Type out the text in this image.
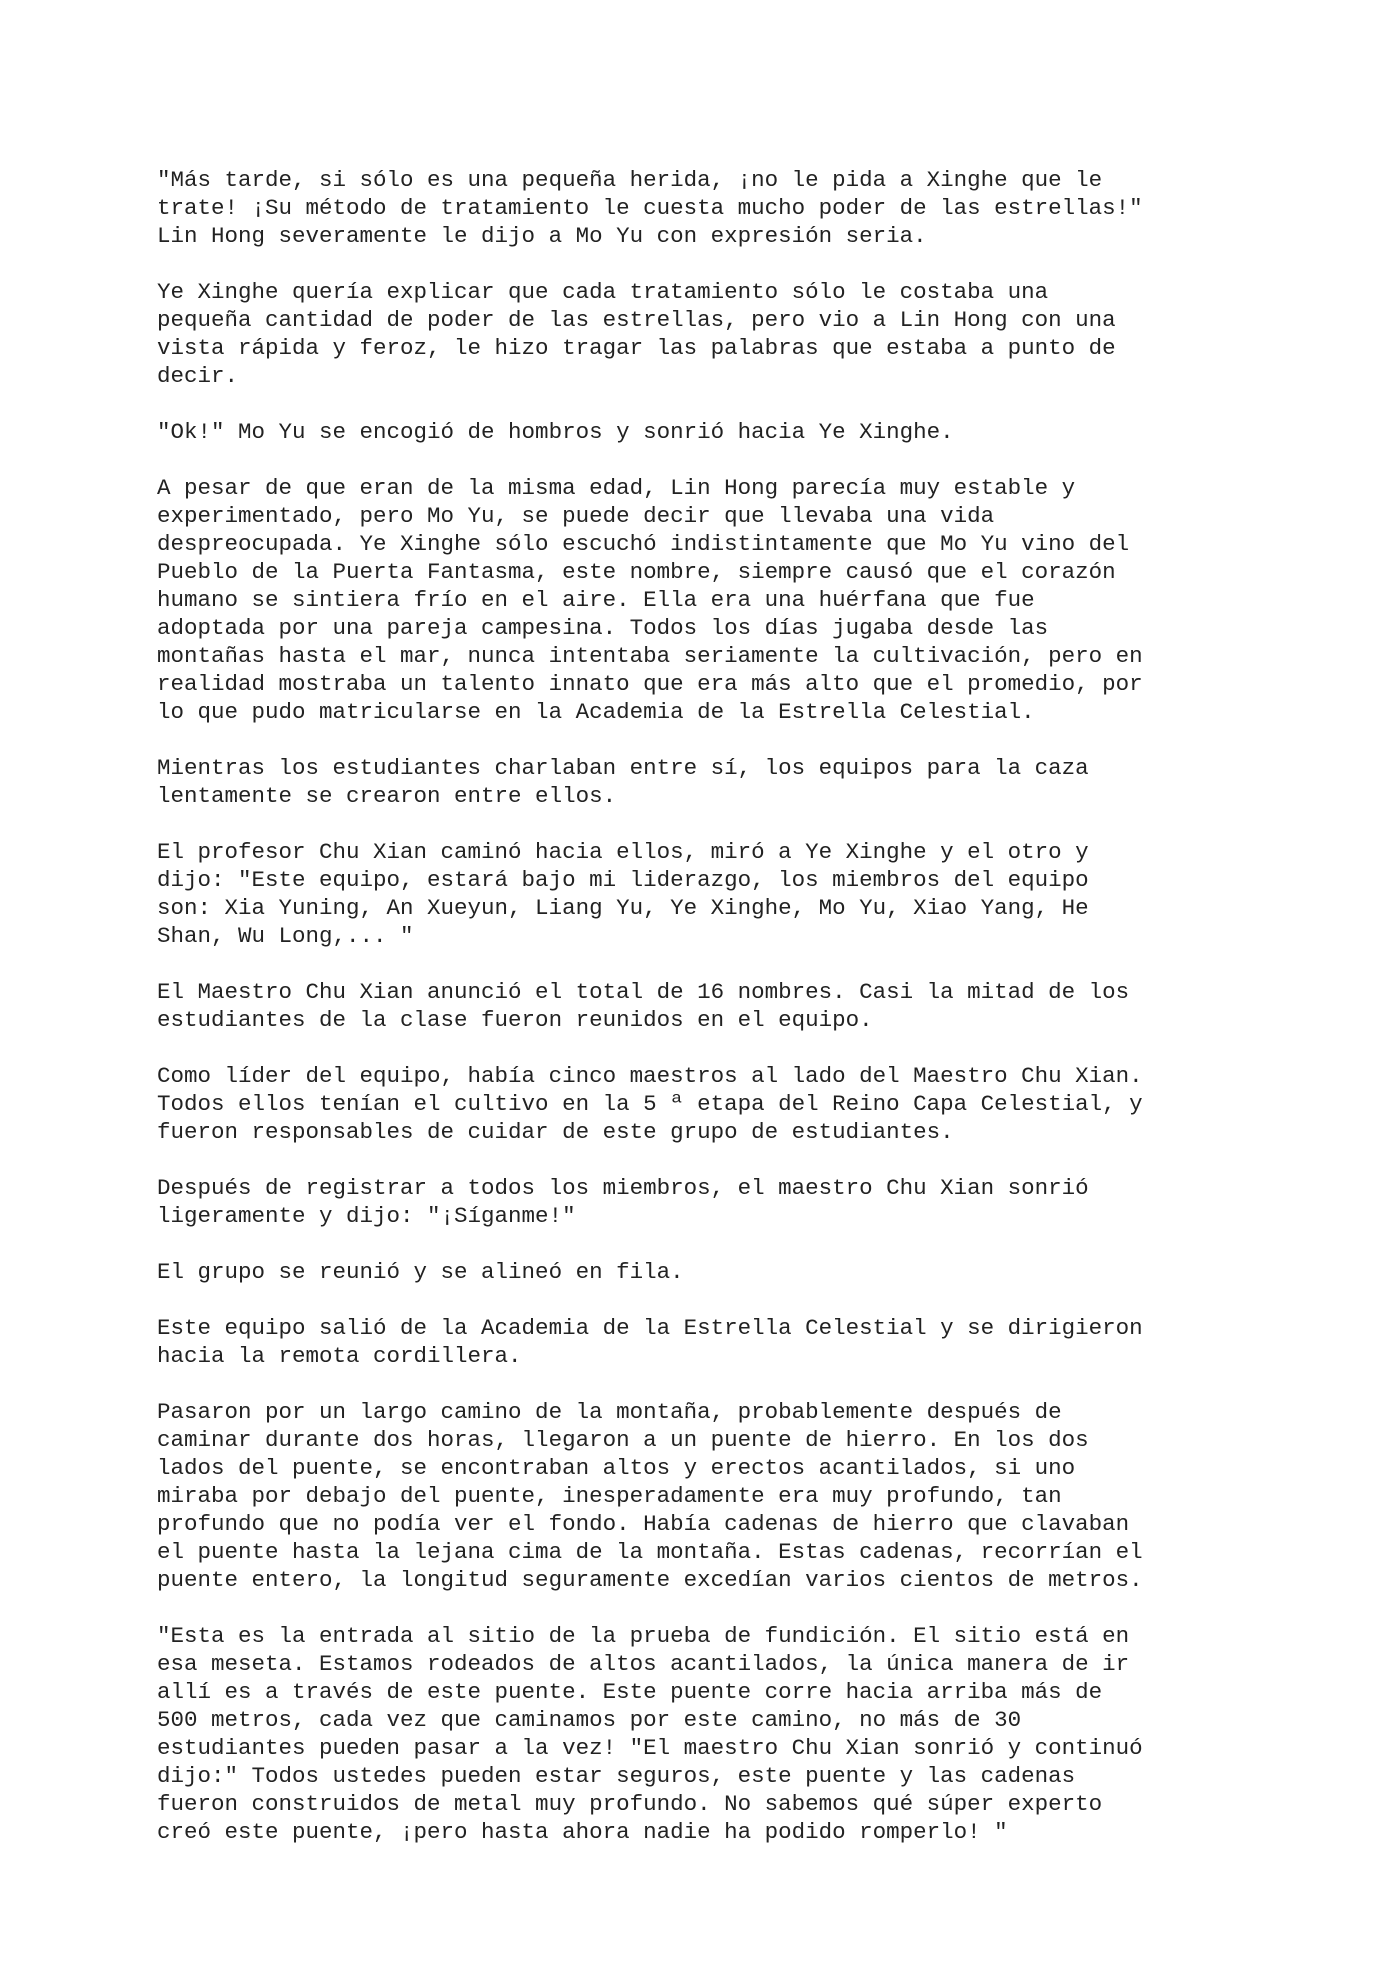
"Más tarde, si sólo es una pequeña herida, ¡no le pida a Xinghe que le
trate! ¡Su método de tratamiento le cuesta mucho poder de las estrellas!"
Lin Hong severamente le dijo a Mo Yu con expresión seria.

Ye Xinghe quería explicar que cada tratamiento sólo le costaba una
pequeña cantidad de poder de las estrellas, pero vio a Lin Hong con una
vista rápida y feroz, le hizo tragar las palabras que estaba a punto de
decir.

"Ok!" Mo Yu se encogió de hombros y sonrió hacia Ye Xinghe.

A pesar de que eran de la misma edad, Lin Hong parecía muy estable y
experimentado, pero Mo Yu, se puede decir que llevaba una vida
despreocupada. Ye Xinghe sólo escuchó indistintamente que Mo Yu vino del
Pueblo de la Puerta Fantasma, este nombre, siempre causó que el corazón
humano se sintiera frío en el aire. Ella era una huérfana que fue
adoptada por una pareja campesina. Todos los días jugaba desde las
montañas hasta el mar, nunca intentaba seriamente la cultivación, pero en
realidad mostraba un talento innato que era más alto que el promedio, por
lo que pudo matricularse en la Academia de la Estrella Celestial.

Mientras los estudiantes charlaban entre sí, los equipos para la caza
lentamente se crearon entre ellos.

El profesor Chu Xian caminó hacia ellos, miró a Ye Xinghe y el otro y
dijo: "Este equipo, estará bajo mi liderazgo, los miembros del equipo
son: Xia Yuning, An Xueyun, Liang Yu, Ye Xinghe, Mo Yu, Xiao Yang, He
Shan, Wu Long,... "

El Maestro Chu Xian anunció el total de 16 nombres. Casi la mitad de los
estudiantes de la clase fueron reunidos en el equipo.

Como líder del equipo, había cinco maestros al lado del Maestro Chu Xian.
Todos ellos tenían el cultivo en la 5 ª etapa del Reino Capa Celestial, y
fueron responsables de cuidar de este grupo de estudiantes.

Después de registrar a todos los miembros, el maestro Chu Xian sonrió
ligeramente y dijo: "¡Síganme!"

El grupo se reunió y se alineó en fila.

Este equipo salió de la Academia de la Estrella Celestial y se dirigieron
hacia la remota cordillera.

Pasaron por un largo camino de la montaña, probablemente después de
caminar durante dos horas, llegaron a un puente de hierro. En los dos
lados del puente, se encontraban altos y erectos acantilados, si uno
miraba por debajo del puente, inesperadamente era muy profundo, tan
profundo que no podía ver el fondo. Había cadenas de hierro que clavaban
el puente hasta la lejana cima de la montaña. Estas cadenas, recorrían el
puente entero, la longitud seguramente excedían varios cientos de metros.

"Esta es la entrada al sitio de la prueba de fundición. El sitio está en
esa meseta. Estamos rodeados de altos acantilados, la única manera de ir
allí es a través de este puente. Este puente corre hacia arriba más de
500 metros, cada vez que caminamos por este camino, no más de 30
estudiantes pueden pasar a la vez! "El maestro Chu Xian sonrió y continuó
dijo:" Todos ustedes pueden estar seguros, este puente y las cadenas
fueron construidos de metal muy profundo. No sabemos qué súper experto
creó este puente, ¡pero hasta ahora nadie ha podido romperlo! "
